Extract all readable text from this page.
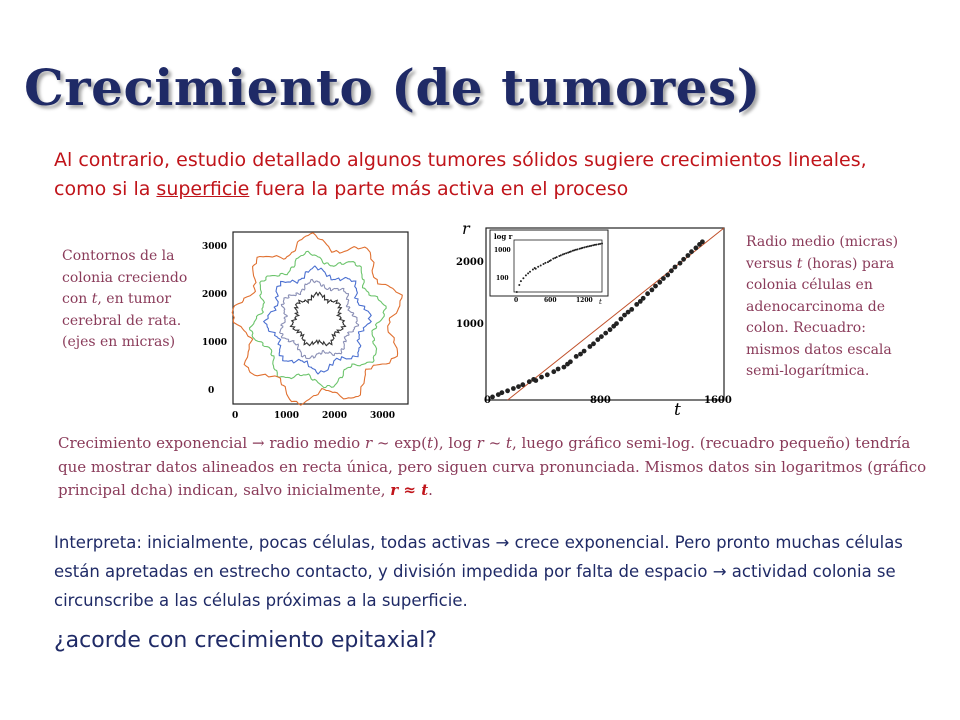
Crecimiento (de tumores)
Al contrario, estudio detallado algunos tumores sólidos sugiere crecimientos lineales, como si la superficie fuera la parte más activa en el proceso
Contornos de la
colonia creciendo
con t, en tumor
cerebral de rata.
(ejes en micras)
3000
2000
1000
0
0	1000	2000	3000
r
2000
1000
0	800	1600
t
log r
1000
100
0	600	1200 t
Radio medio (micras)
versus t (horas) para
colonia células en
adenocarcinoma de
colon. Recuadro:
mismos datos escala
semi-logarítmica.
Crecimiento exponencial → radio medio r ~ exp(t), log r ~ t, luego gráfico semi-log. (recuadro pequeño) tendría que mostrar datos alineados en recta única, pero siguen curva pronunciada. Mismos datos sin logaritmos (gráfico principal dcha) indican, salvo inicialmente, r ≈ t.
Interpreta: inicialmente, pocas células, todas activas → crece exponencial. Pero pronto muchas células están apretadas en estrecho contacto, y división impedida por falta de espacio → actividad colonia se circunscribe a las células próximas a la superficie.
¿acorde con crecimiento epitaxial?
